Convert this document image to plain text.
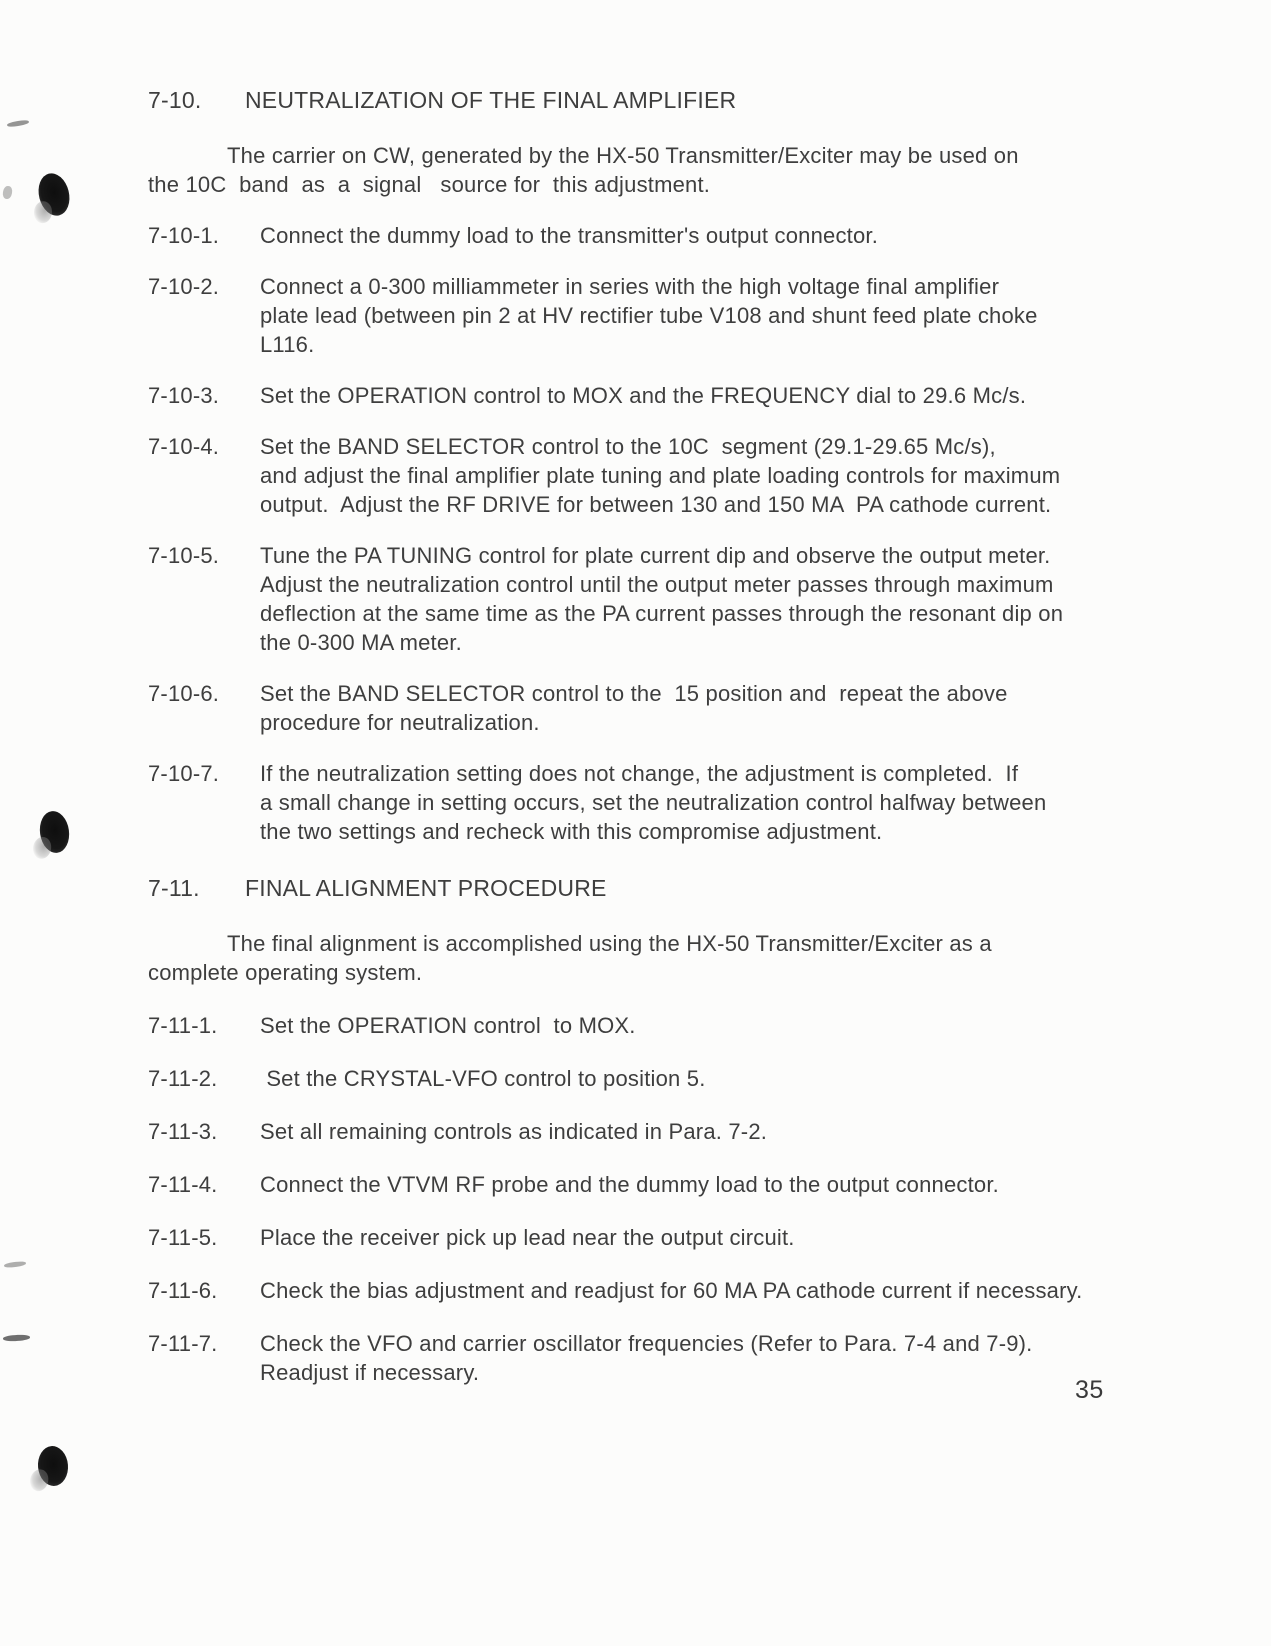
7-10.	NEUTRALIZATION OF THE FINAL AMPLIFIER
The carrier on CW, generated by the HX-50 Transmitter/Exciter may be used on
the 10C  band  as  a  signal   source for  this adjustment.
7-10-1.	Connect the dummy load to the transmitter's output connector.
7-10-2.	Connect a 0-300 milliammeter in series with the high voltage final amplifier
plate lead (between pin 2 at HV rectifier tube V108 and shunt feed plate choke
L116.
7-10-3.	Set the OPERATION control to MOX and the FREQUENCY dial to 29.6 Mc/s.
7-10-4.	Set the BAND SELECTOR control to the 10C  segment (29.1-29.65 Mc/s),
and adjust the final amplifier plate tuning and plate loading controls for maximum
output.  Adjust the RF DRIVE for between 130 and 150 MA  PA cathode current.
7-10-5.	Tune the PA TUNING control for plate current dip and observe the output meter.
Adjust the neutralization control until the output meter passes through maximum
deflection at the same time as the PA current passes through the resonant dip on
the 0-300 MA meter.
7-10-6.	Set the BAND SELECTOR control to the  15 position and  repeat the above
procedure for neutralization.
7-10-7.	If the neutralization setting does not change, the adjustment is completed.  If
a small change in setting occurs, set the neutralization control halfway between
the two settings and recheck with this compromise adjustment.
7-11.	FINAL ALIGNMENT PROCEDURE
The final alignment is accomplished using the HX-50 Transmitter/Exciter as a
complete operating system.
7-11-1.	Set the OPERATION control  to MOX.
7-11-2.	Set the CRYSTAL-VFO control to position 5.
7-11-3.	Set all remaining controls as indicated in Para. 7-2.
7-11-4.	Connect the VTVM RF probe and the dummy load to the output connector.
7-11-5.	Place the receiver pick up lead near the output circuit.
7-11-6.	Check the bias adjustment and readjust for 60 MA PA cathode current if necessary.
7-11-7.	Check the VFO and carrier oscillator frequencies (Refer to Para. 7-4 and 7-9).
Readjust if necessary.
35
